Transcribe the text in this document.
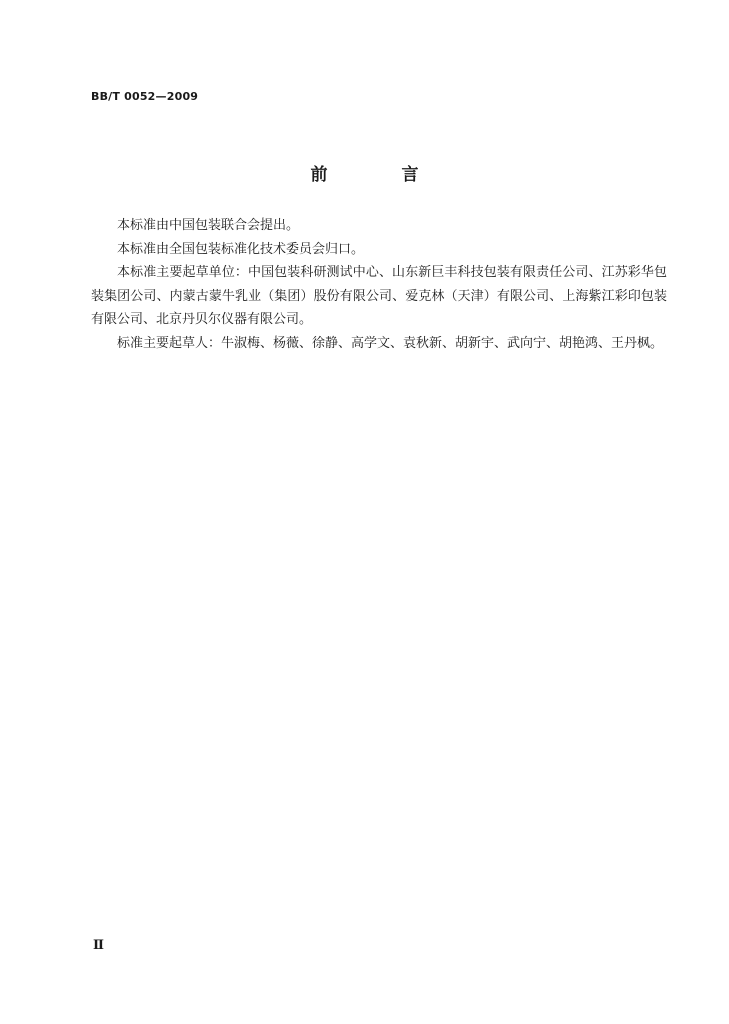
BB/T 0052—2009
前 言

本标准由中国包装联合会提出。

本标准由全国包装标准化技术委员会归口。

本标准主要起草单位：中国包装科研测试中心、山东新巨丰科技包装有限责任公司、江苏彩华包装集团公司、内蒙古蒙牛乳业（集团）股份有限公司、爱克林（天津）有限公司、上海紫江彩印包装有限公司、北京丹贝尔仪器有限公司。

标准主要起草人：牛淑梅、杨薇、徐静、高学文、袁秋新、胡新宇、武向宁、胡艳鸿、王丹枫。

Ⅱ
